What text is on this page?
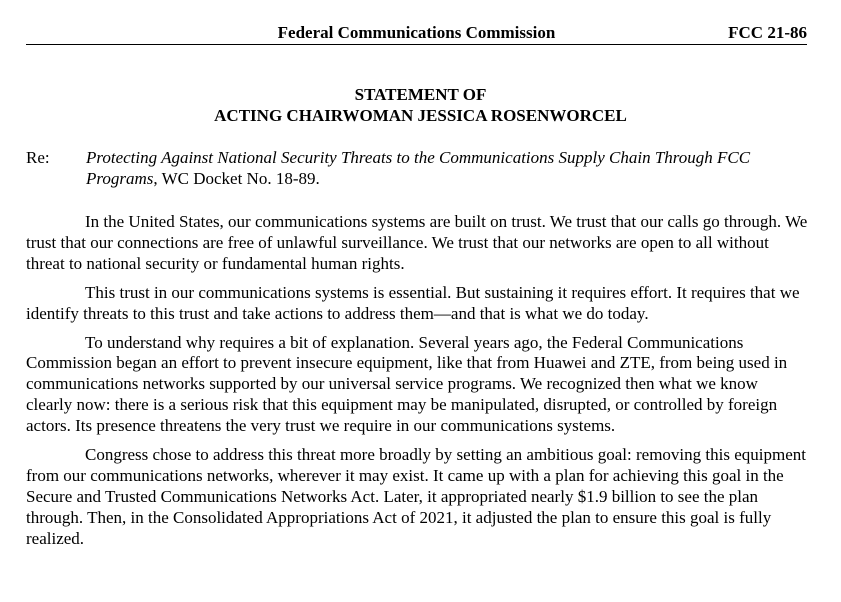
Federal Communications Commission	FCC 21-86
STATEMENT OF
ACTING CHAIRWOMAN JESSICA ROSENWORCEL
Re: Protecting Against National Security Threats to the Communications Supply Chain Through FCC Programs, WC Docket No. 18-89.

In the United States, our communications systems are built on trust. We trust that our calls go through. We trust that our connections are free of unlawful surveillance. We trust that our networks are open to all without threat to national security or fundamental human rights.

This trust in our communications systems is essential. But sustaining it requires effort. It requires that we identify threats to this trust and take actions to address them—and that is what we do today.

To understand why requires a bit of explanation. Several years ago, the Federal Communications Commission began an effort to prevent insecure equipment, like that from Huawei and ZTE, from being used in communications networks supported by our universal service programs. We recognized then what we know clearly now: there is a serious risk that this equipment may be manipulated, disrupted, or controlled by foreign actors. Its presence threatens the very trust we require in our communications systems.

Congress chose to address this threat more broadly by setting an ambitious goal: removing this equipment from our communications networks, wherever it may exist. It came up with a plan for achieving this goal in the Secure and Trusted Communications Networks Act. Later, it appropriated nearly $1.9 billion to see the plan through. Then, in the Consolidated Appropriations Act of 2021, it adjusted the plan to ensure this goal is fully realized.
